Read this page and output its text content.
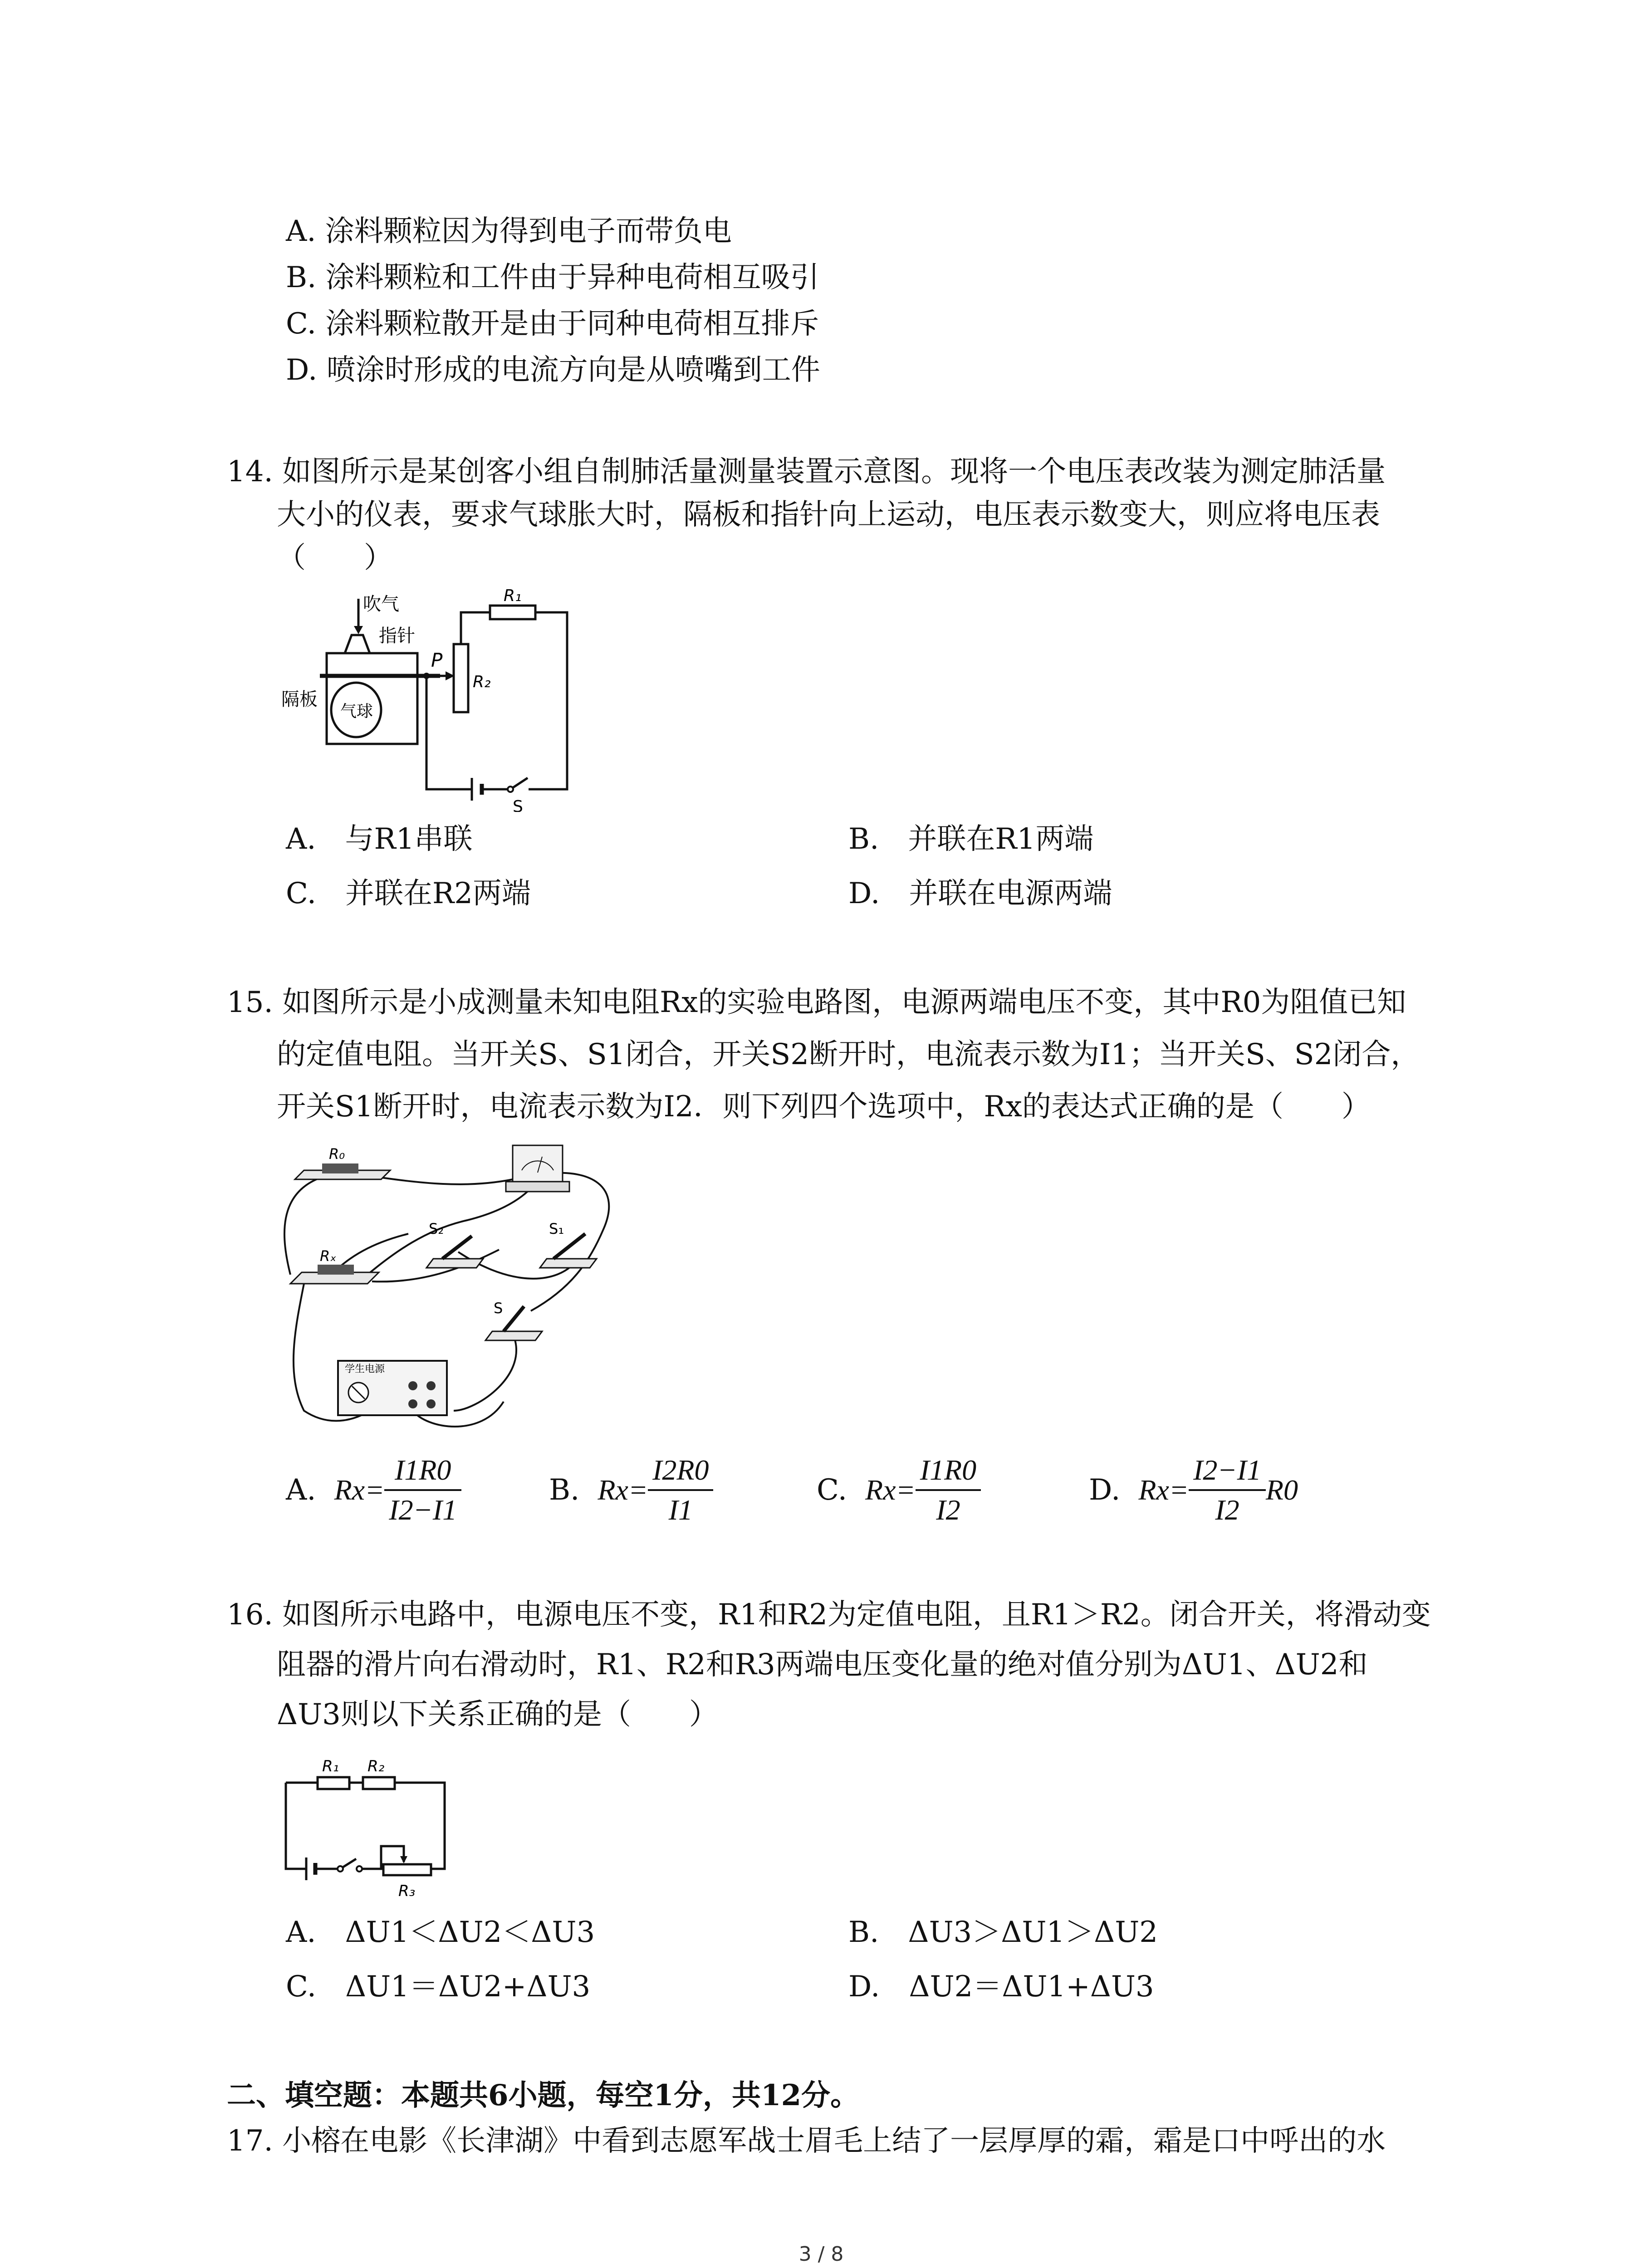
A. 涂料颗粒因为得到电子而带负电
B. 涂料颗粒和工件由于异种电荷相互吸引
C. 涂料颗粒散开是由于同种电荷相互排斥
D. 喷涂时形成的电流方向是从喷嘴到工件
14. 如图所示是某创客小组自制肺活量测量装置示意图。现将一个电压表改装为测定肺活量
大小的仪表，要求气球胀大时，隔板和指针向上运动，电压表示数变大，则应将电压表
（　　）
吹气
指针
隔板
气球
P
R₁
R₂
S
A.　与R1串联	B.　并联在R1两端
C.　并联在R2两端	D.　并联在电源两端
15. 如图所示是小成测量未知电阻Rx的实验电路图，电源两端电压不变，其中R0为阻值已知
的定值电阻。当开关S、S1闭合，开关S2断开时，电流表示数为I1；当开关S、S2闭合，
开关S1断开时，电流表示数为I2．则下列四个选项中，Rx的表达式正确的是（　　）
R₀
Rₓ
S₂	S₁
S
学生电源
A. $Rx= \frac{I1R0}{I2-I1}$	B. $Rx= \frac{I2R0}{I1}$	C. $Rx= \frac{I1R0}{I2}$	D. $Rx= \frac{I2-I1}{I2} R0$
16. 如图所示电路中，电源电压不变，R1和R2为定值电阻，且R1＞R2。闭合开关，将滑动变
阻器的滑片向右滑动时，R1、R2和R3两端电压变化量的绝对值分别为ΔU1、ΔU2和
ΔU3则以下关系正确的是（　　）
R₁ R₂
R₃
A.　ΔU1＜ΔU2＜ΔU3	B.　ΔU3＞ΔU1＞ΔU2
C.　ΔU1＝ΔU2+ΔU3	D.　ΔU2＝ΔU1+ΔU3
二、填空题：本题共6小题，每空1分，共12分。
17. 小榕在电影《长津湖》中看到志愿军战士眉毛上结了一层厚厚的霜，霜是口中呼出的水
3 / 8
